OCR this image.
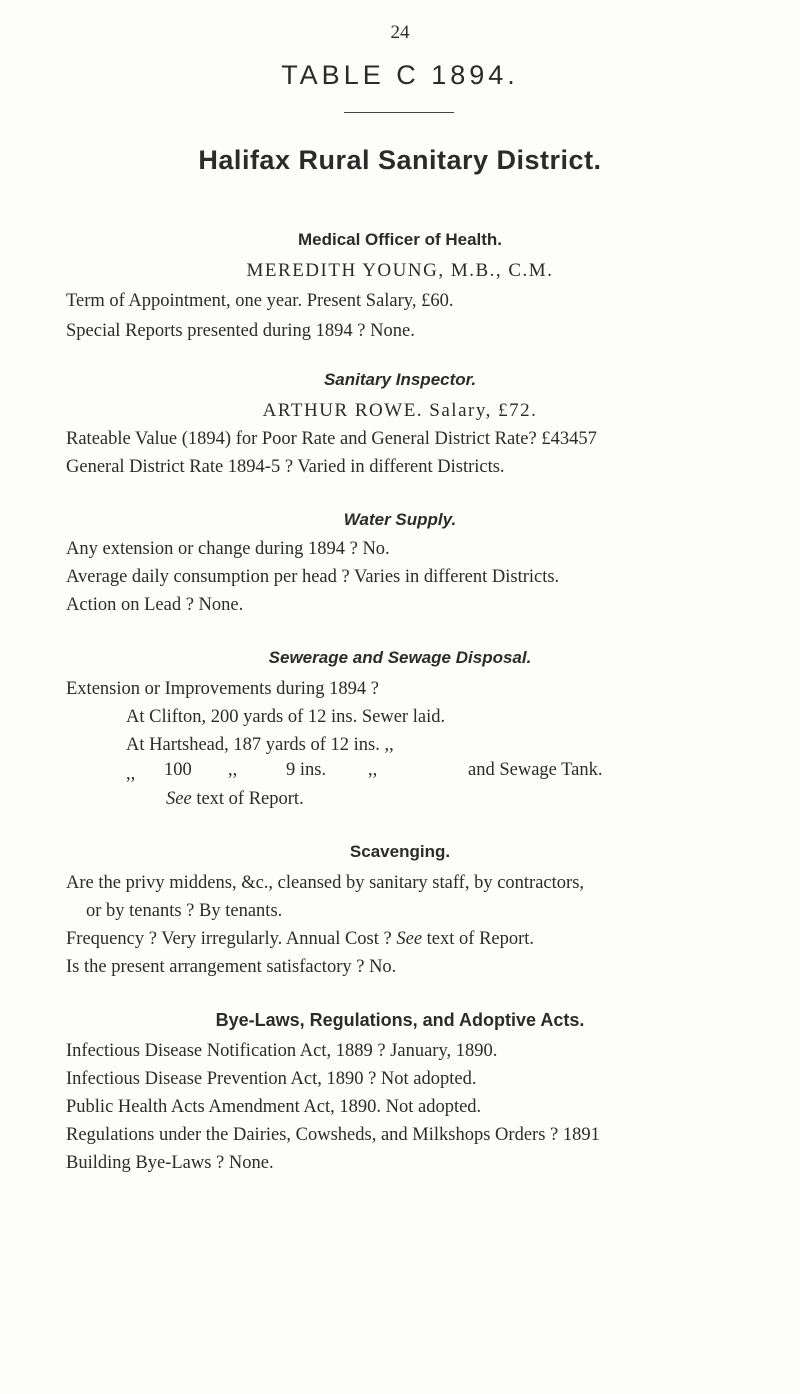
24
TABLE C 1894.
Halifax Rural Sanitary District.
Medical Officer of Health.
MEREDITH YOUNG, M.B., C.M.
Term of Appointment, one year. Present Salary, £60.
Special Reports presented during 1894 ? None.
Sanitary Inspector.
ARTHUR ROWE. Salary, £72.
Rateable Value (1894) for Poor Rate and General District Rate? £43457
General District Rate 1894-5 ? Varied in different Districts.
Water Supply.
Any extension or change during 1894 ? No.
Average daily consumption per head ? Varies in different Districts.
Action on Lead ? None.
Sewerage and Sewage Disposal.
Extension or Improvements during 1894 ?
At Clifton, 200 yards of 12 ins. Sewer laid.
At Hartshead, 187 yards of 12 ins. ,,
,, 100 ,,	9 ins. ,,	and Sewage Tank.
See text of Report.
Scavenging.
Are the privy middens, &c., cleansed by sanitary staff, by contractors,
or by tenants ? By tenants.
Frequency ? Very irregularly. Annual Cost ? See text of Report.
Is the present arrangement satisfactory ? No.
Bye-Laws, Regulations, and Adoptive Acts.
Infectious Disease Notification Act, 1889 ? January, 1890.
Infectious Disease Prevention Act, 1890 ? Not adopted.
Public Health Acts Amendment Act, 1890. Not adopted.
Regulations under the Dairies, Cowsheds, and Milkshops Orders ? 1891
Building Bye-Laws ? None.
